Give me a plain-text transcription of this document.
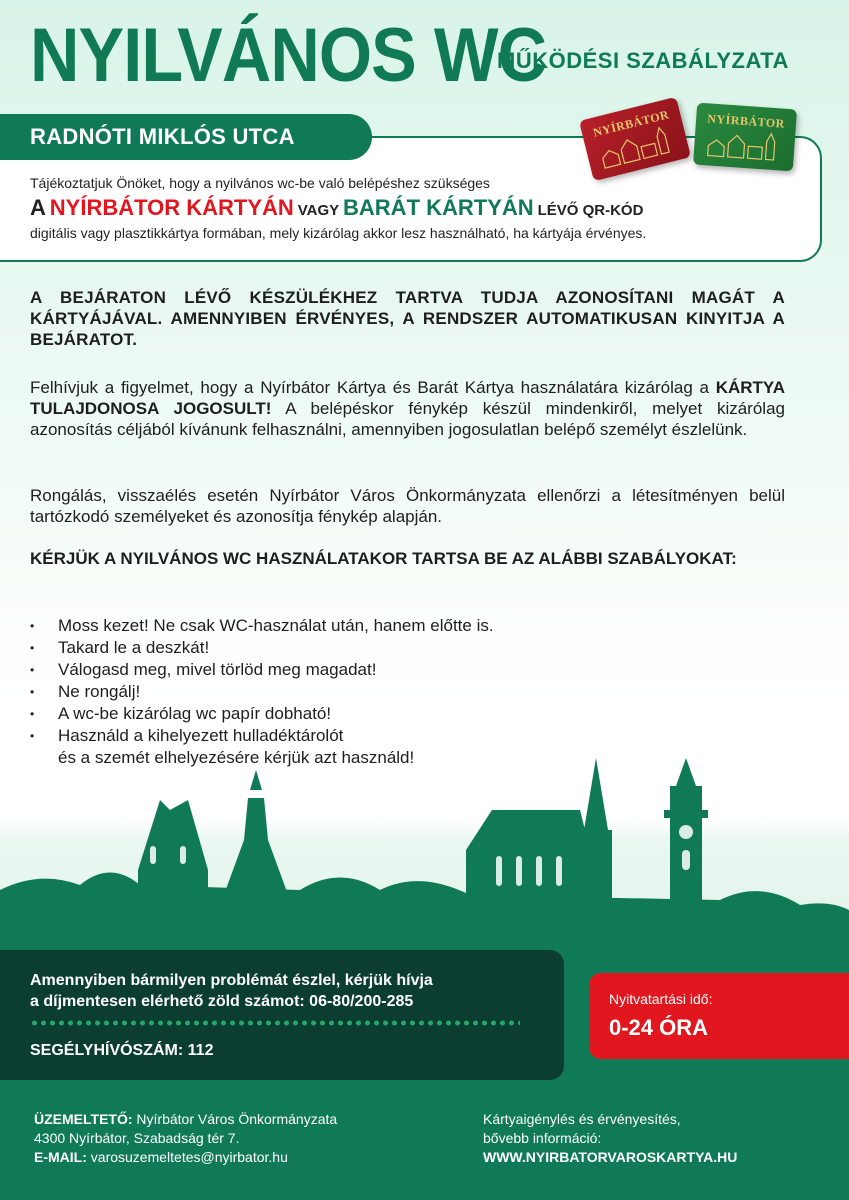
NYILVÁNOS WC
MŰKÖDÉSI SZABÁLYZATA
RADNÓTI MIKLÓS UTCA	NYÍRBÁTOR	NYÍRBÁTOR
Tájékoztatjuk Önöket, hogy a nyilvános wc-be való belépéshez szükséges
A NYÍRBÁTOR KÁRTYÁN VAGY BARÁT KÁRTYÁN LÉVŐ QR-KÓD
digitális vagy plasztikkártya formában, mely kizárólag akkor lesz használható, ha kártyája érvényes.
A BEJÁRATON LÉVŐ KÉSZÜLÉKHEZ TARTVA TUDJA AZONOSÍTANI MAGÁT A KÁRTYÁJÁVAL. AMENNYIBEN ÉRVÉNYES, A RENDSZER AUTOMATIKUSAN KINYITJA A BEJÁRATOT.
Felhívjuk a figyelmet, hogy a Nyírbátor Kártya és Barát Kártya használatára kizárólag a KÁRTYA TULAJDONOSA JOGOSULT! A belépéskor fénykép készül mindenkiről, melyet kizárólag azonosítás céljából kívánunk felhasználni, amennyiben jogosulatlan belépő személyt észlelünk.
Rongálás, visszaélés esetén Nyírbátor Város Önkormányzata ellenőrzi a létesítményen belül tartózkodó személyeket és azonosítja fénykép alapján.
KÉRJÜK A NYILVÁNOS WC HASZNÁLATAKOR TARTSA BE AZ ALÁBBI SZABÁLYOKAT:
• Moss kezet! Ne csak WC-használat után, hanem előtte is.
• Takard le a deszkát!
• Válogasd meg, mivel törlöd meg magadat!
• Ne rongálj!
• A wc-be kizárólag wc papír dobható!
• Használd a kihelyezett hulladéktárolót
és a szemét elhelyezésére kérjük azt használd!
Amennyiben bármilyen problémát észlel, kérjük hívja
a díjmentesen elérhető zöld számot: 06-80/200-285
SEGÉLYHÍVÓSZÁM: 112
Nyitvatartási idő:
0-24 ÓRA
ÜZEMELTETŐ: Nyírbátor Város Önkormányzata
4300 Nyírbátor, Szabadság tér 7.
E-MAIL: varosuzemeltetes@nyirbator.hu
Kártyaigénylés és érvényesítés,
bővebb információ:
WWW.NYIRBATORVAROSKARTYA.HU
